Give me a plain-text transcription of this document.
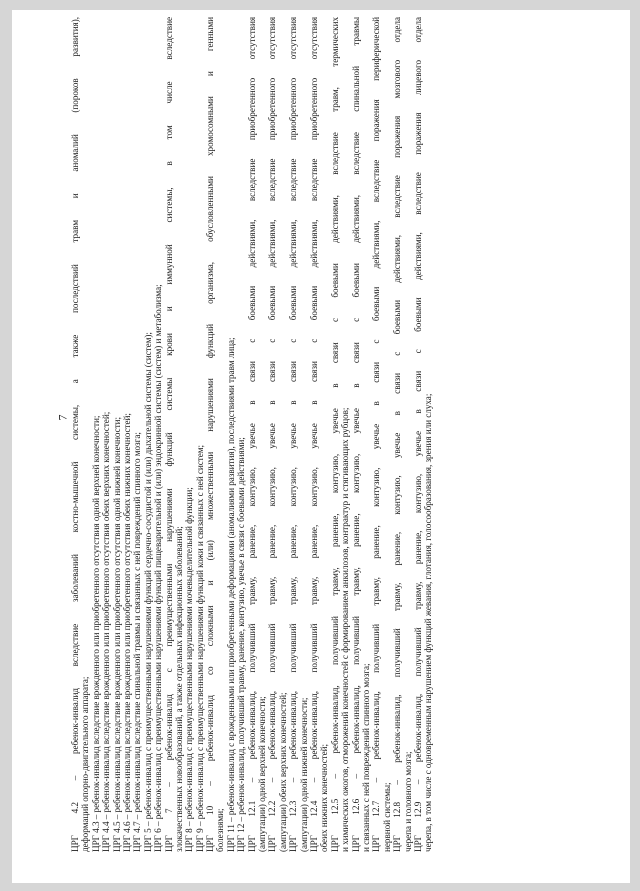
7 ЦРГ 4.2 – ребенок-инвалид вследствие заболеваний костно-мышечной системы, а также последствий травм и аномалий (пороков развития), деформаций опорно-двигательного аппарата; ЦРГ 4.3 – ребенок-инвалид вследствие врожденного или приобретенного отсутствия одной верхней конечности; ЦРГ 4.4 – ребенок-инвалид вследствие врожденного или приобретенного отсутствия обеих верхних конечностей; ЦРГ 4.5 – ребенок-инвалид вследствие врожденного или приобретенного отсутствия одной нижней конечности; ЦРГ 4.6 – ребенок-инвалид вследствие врожденного или приобретенного отсутствия обеих нижних конечностей; ЦРГ 4.7 – ребенок-инвалид вследствие спинальной травмы и связанных с ней повреждений спинного мозга; ЦРГ 5 – ребенок-инвалид с преимущественными нарушениями функций сердечно-сосудистой и (или) дыхательной системы (систем); ЦРГ 6 – ребенок-инвалид с преимущественными нарушениями функций пищеварительной и (или) эндокринной системы (систем) и метаболизма; ЦРГ 7 – ребенок-инвалид с преимущественными нарушениями функций системы крови и иммунной системы, в том числе вследствие злокачественных новообразований, а также отдельных инфекционных заболеваний; ЦРГ 8 – ребенок-инвалид с преимущественными нарушениями мочевыделительной функции; ЦРГ 9 – ребенок-инвалид с преимущественными нарушениями функций кожи и связанных с ней систем; ЦРГ 10 – ребенок-инвалид со сложными и (или) множественными нарушениями функций организма, обусловленными хромосомными и генными болезнями; ЦРГ 11 – ребенок-инвалид с врожденными или приобретенными деформациями (аномалиями развития), последствиями травм лица; ЦРГ 12 – ребенок-инвалид, получивший травму, ранение, контузию, увечье в связи с боевыми действиями; ЦРГ 12.1 – ребенок-инвалид, получивший травму, ранение, контузию, увечье в связи с боевыми действиями, вследствие приобретенного отсутствия (ампутации) одной верхней конечности; ЦРГ 12.2 – ребенок-инвалид, получивший травму, ранение, контузию, увечье в связи с боевыми действиями, вследствие приобретенного отсутствия (ампутации) обеих верхних конечностей; ЦРГ 12.3 – ребенок-инвалид, получивший травму, ранение, контузию, увечье в связи с боевыми действиями, вследствие приобретенного отсутствия (ампутации) одной нижней конечности; ЦРГ 12.4 – ребенок-инвалид, получивший травму, ранение, контузию, увечье в связи с боевыми действиями, вследствие приобретенного отсутствия обеих нижних конечностей; ЦРГ 12.5 – ребенок-инвалид, получивший травму, ранение, контузию, увечье в связи с боевыми действиями, вследствие травм, термических и химических ожогов, отморожений конечностей с формированием анкилозов, контрактур и стягивающих рубцов; ЦРГ 12.6 – ребенок-инвалид, получивший травму, ранение, контузию, увечье в связи с боевыми действиями, вследствие спинальной травмы и связанных с ней повреждений спинного мозга; ЦРГ 12.7 – ребенок-инвалид, получивший травму, ранение, контузию, увечье в связи с боевыми действиями, вследствие поражения периферической нервной системы; ЦРГ 12.8 – ребенок-инвалид, получивший травму, ранение, контузию, увечье в связи с боевыми действиями, вследствие поражения мозгового отдела черепа и головного мозга; ЦРГ 12.9 – ребенок-инвалид, получивший травму, ранение, контузию, увечье в связи с боевыми действиями, вследствие поражения лицевого отдела черепа, в том числе с одновременным нарушением функций жевания, глотания, голосообразования, зрения или слуха;
